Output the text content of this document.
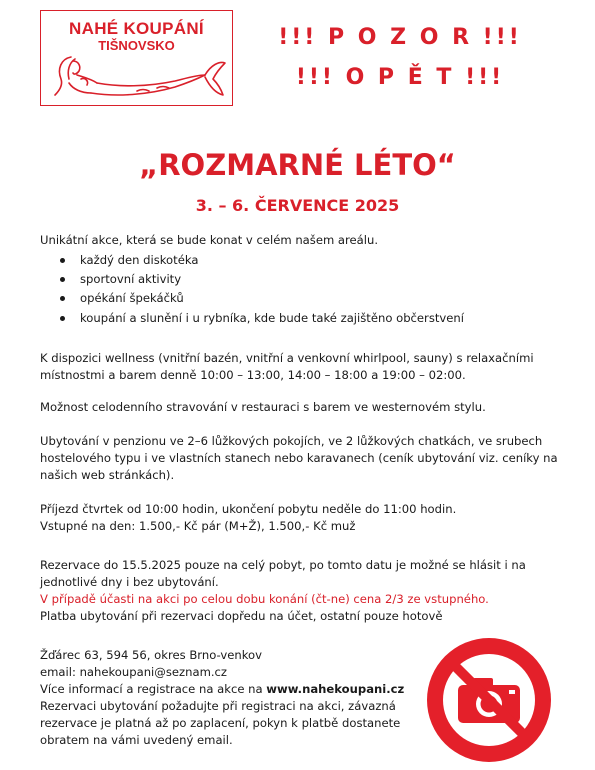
NAHÉ KOUPÁNÍ
TIŠNOVSKO	!!! P O Z O R !!!
!!! O P Ě T !!!
„ROZMARNÉ LÉTO“
3. – 6. ČERVENCE 2025
Unikátní akce, která se bude konat v celém našem areálu.
každý den diskotéka
sportovní aktivity
opékání špekáčků
koupání a slunění i u rybníka, kde bude také zajištěno občerstvení
K dispozici wellness (vnitřní bazén, vnitřní a venkovní whirlpool, sauny) s relaxačními
místnostmi a barem denně 10:00 – 13:00, 14:00 – 18:00 a 19:00 – 02:00.
Možnost celodenního stravování v restauraci s barem ve westernovém stylu.
Ubytování v penzionu ve 2–6 lůžkových pokojích, ve 2 lůžkových chatkách, ve srubech
hostelového typu i ve vlastních stanech nebo karavanech (ceník ubytování viz. ceníky na
našich web stránkách).
Příjezd čtvrtek od 10:00 hodin, ukončení pobytu neděle do 11:00 hodin.
Vstupné na den: 1.500,- Kč pár (M+Ž), 1.500,- Kč muž
Rezervace do 15.5.2025 pouze na celý pobyt, po tomto datu je možné se hlásit i na
jednotlivé dny i bez ubytování.
V případě účasti na akci po celou dobu konání (čt-ne) cena 2/3 ze vstupného.
Platba ubytování při rezervaci dopředu na účet, ostatní pouze hotově
Žďárec 63, 594 56, okres Brno-venkov
email: nahekoupani@seznam.cz
Více informací a registrace na akce na www.nahekoupani.cz
Rezervaci ubytování požadujte při registraci na akci, závazná
rezervace je platná až po zaplacení, pokyn k platbě dostanete
obratem na vámi uvedený email.
